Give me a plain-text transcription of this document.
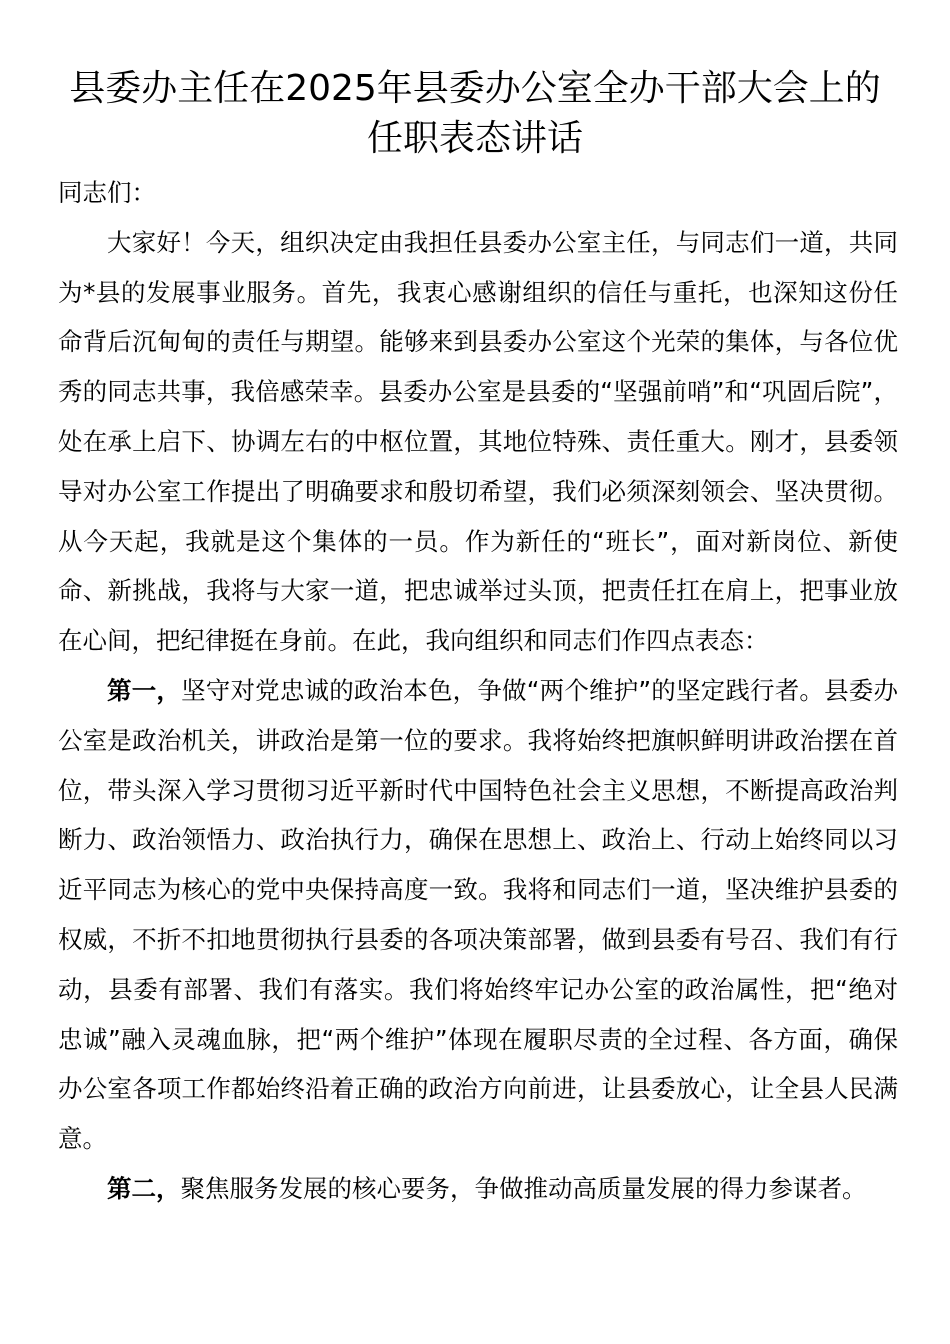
县委办主任在2025年县委办公室全办干部大会上的
任职表态讲话

同志们：

大家好！今天，组织决定由我担任县委办公室主任，与同志们一道，共同为*县的发展事业服务。首先，我衷心感谢组织的信任与重托，也深知这份任命背后沉甸甸的责任与期望。能够来到县委办公室这个光荣的集体，与各位优秀的同志共事，我倍感荣幸。县委办公室是县委的“坚强前哨”和“巩固后院”，处在承上启下、协调左右的中枢位置，其地位特殊、责任重大。刚才，县委领导对办公室工作提出了明确要求和殷切希望，我们必须深刻领会、坚决贯彻。从今天起，我就是这个集体的一员。作为新任的“班长”，面对新岗位、新使命、新挑战，我将与大家一道，把忠诚举过头顶，把责任扛在肩上，把事业放在心间，把纪律挺在身前。在此，我向组织和同志们作四点表态：

第一，坚守对党忠诚的政治本色，争做“两个维护”的坚定践行者。县委办公室是政治机关，讲政治是第一位的要求。我将始终把旗帜鲜明讲政治摆在首位，带头深入学习贯彻习近平新时代中国特色社会主义思想，不断提高政治判断力、政治领悟力、政治执行力，确保在思想上、政治上、行动上始终同以习近平同志为核心的党中央保持高度一致。我将和同志们一道，坚决维护县委的权威，不折不扣地贯彻执行县委的各项决策部署，做到县委有号召、我们有行动，县委有部署、我们有落实。我们将始终牢记办公室的政治属性，把“绝对忠诚”融入灵魂血脉，把“两个维护”体现在履职尽责的全过程、各方面，确保办公室各项工作都始终沿着正确的政治方向前进，让县委放心，让全县人民满意。

第二，聚焦服务发展的核心要务，争做推动高质量发展的得力参谋者。
